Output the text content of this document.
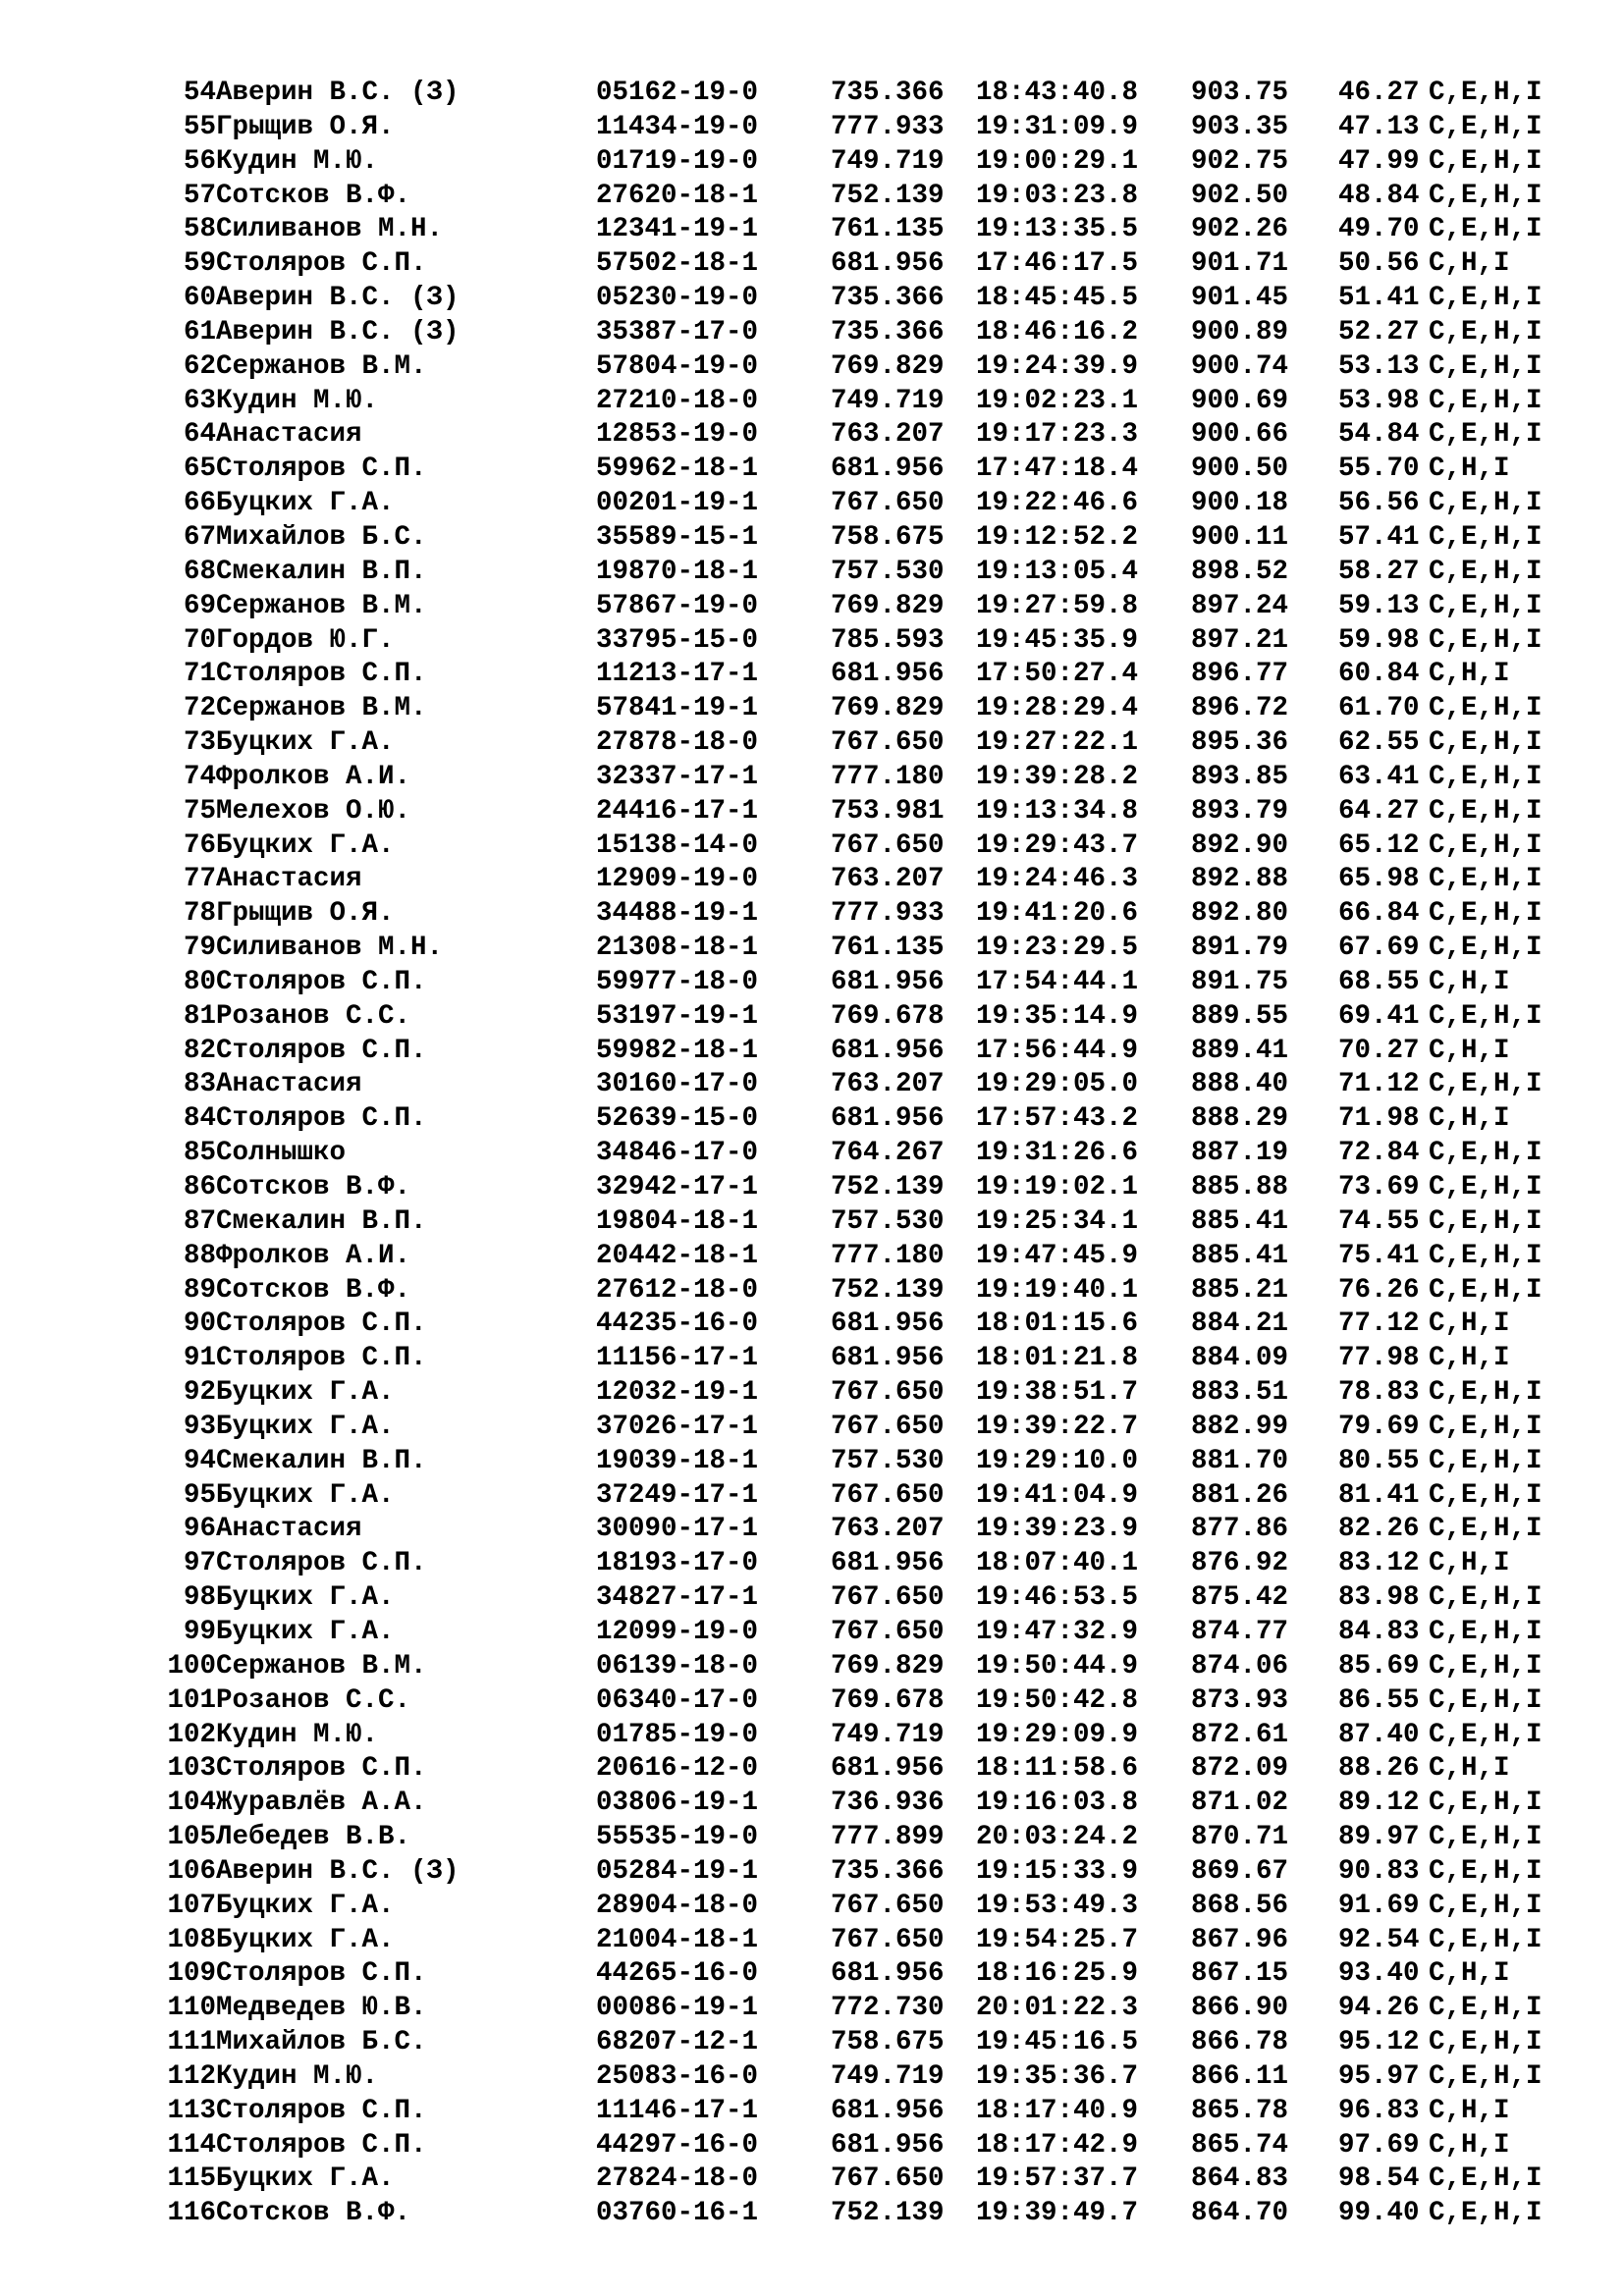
54 Аверин В.С. (З)	05162-19-0	735.366 18:43:40.8 903.75 46.27 C,E,H,I
55 Грыщив О.Я.	11434-19-0	777.933 19:31:09.9 903.35 47.13 C,E,H,I
56 Кудин М.Ю.	01719-19-0	749.719 19:00:29.1 902.75 47.99 C,E,H,I
57 Сотсков В.Ф.	27620-18-1	752.139 19:03:23.8 902.50 48.84 C,E,H,I
58 Силиванов М.Н.	12341-19-1	761.135 19:13:35.5 902.26 49.70 C,E,H,I
59 Столяров С.П.	57502-18-1	681.956 17:46:17.5 901.71 50.56 C,H,I
60 Аверин В.С. (З)	05230-19-0	735.366 18:45:45.5 901.45 51.41 C,E,H,I
61 Аверин В.С. (З)	35387-17-0	735.366 18:46:16.2 900.89 52.27 C,E,H,I
62 Сержанов В.М.	57804-19-0	769.829 19:24:39.9 900.74 53.13 C,E,H,I
63 Кудин М.Ю.	27210-18-0	749.719 19:02:23.1 900.69 53.98 C,E,H,I
64 Анастасия	12853-19-0	763.207 19:17:23.3 900.66 54.84 C,E,H,I
65 Столяров С.П.	59962-18-1	681.956 17:47:18.4 900.50 55.70 C,H,I
66 Буцких Г.А.	00201-19-1	767.650 19:22:46.6 900.18 56.56 C,E,H,I
67 Михайлов Б.С.	35589-15-1	758.675 19:12:52.2 900.11 57.41 C,E,H,I
68 Смекалин В.П.	19870-18-1	757.530 19:13:05.4 898.52 58.27 C,E,H,I
69 Сержанов В.М.	57867-19-0	769.829 19:27:59.8 897.24 59.13 C,E,H,I
70 Гордов Ю.Г.	33795-15-0	785.593 19:45:35.9 897.21 59.98 C,E,H,I
71 Столяров С.П.	11213-17-1	681.956 17:50:27.4 896.77 60.84 C,H,I
72 Сержанов В.М.	57841-19-1	769.829 19:28:29.4 896.72 61.70 C,E,H,I
73 Буцких Г.А.	27878-18-0	767.650 19:27:22.1 895.36 62.55 C,E,H,I
74 Фролков А.И.	32337-17-1	777.180 19:39:28.2 893.85 63.41 C,E,H,I
75 Мелехов О.Ю.	24416-17-1	753.981 19:13:34.8 893.79 64.27 C,E,H,I
76 Буцких Г.А.	15138-14-0	767.650 19:29:43.7 892.90 65.12 C,E,H,I
77 Анастасия	12909-19-0	763.207 19:24:46.3 892.88 65.98 C,E,H,I
78 Грыщив О.Я.	34488-19-1	777.933 19:41:20.6 892.80 66.84 C,E,H,I
79 Силиванов М.Н.	21308-18-1	761.135 19:23:29.5 891.79 67.69 C,E,H,I
80 Столяров С.П.	59977-18-0	681.956 17:54:44.1 891.75 68.55 C,H,I
81 Розанов С.С.	53197-19-1	769.678 19:35:14.9 889.55 69.41 C,E,H,I
82 Столяров С.П.	59982-18-1	681.956 17:56:44.9 889.41 70.27 C,H,I
83 Анастасия	30160-17-0	763.207 19:29:05.0 888.40 71.12 C,E,H,I
84 Столяров С.П.	52639-15-0	681.956 17:57:43.2 888.29 71.98 C,H,I
85 Солнышко	34846-17-0	764.267 19:31:26.6 887.19 72.84 C,E,H,I
86 Сотсков В.Ф.	32942-17-1	752.139 19:19:02.1 885.88 73.69 C,E,H,I
87 Смекалин В.П.	19804-18-1	757.530 19:25:34.1 885.41 74.55 C,E,H,I
88 Фролков А.И.	20442-18-1	777.180 19:47:45.9 885.41 75.41 C,E,H,I
89 Сотсков В.Ф.	27612-18-0	752.139 19:19:40.1 885.21 76.26 C,E,H,I
90 Столяров С.П.	44235-16-0	681.956 18:01:15.6 884.21 77.12 C,H,I
91 Столяров С.П.	11156-17-1	681.956 18:01:21.8 884.09 77.98 C,H,I
92 Буцких Г.А.	12032-19-1	767.650 19:38:51.7 883.51 78.83 C,E,H,I
93 Буцких Г.А.	37026-17-1	767.650 19:39:22.7 882.99 79.69 C,E,H,I
94 Смекалин В.П.	19039-18-1	757.530 19:29:10.0 881.70 80.55 C,E,H,I
95 Буцких Г.А.	37249-17-1	767.650 19:41:04.9 881.26 81.41 C,E,H,I
96 Анастасия	30090-17-1	763.207 19:39:23.9 877.86 82.26 C,E,H,I
97 Столяров С.П.	18193-17-0	681.956 18:07:40.1 876.92 83.12 C,H,I
98 Буцких Г.А.	34827-17-1	767.650 19:46:53.5 875.42 83.98 C,E,H,I
99 Буцких Г.А.	12099-19-0	767.650 19:47:32.9 874.77 84.83 C,E,H,I
100 Сержанов В.М.	06139-18-0	769.829 19:50:44.9 874.06 85.69 C,E,H,I
101 Розанов С.С.	06340-17-0	769.678 19:50:42.8 873.93 86.55 C,E,H,I
102 Кудин М.Ю.	01785-19-0	749.719 19:29:09.9 872.61 87.40 C,E,H,I
103 Столяров С.П.	20616-12-0	681.956 18:11:58.6 872.09 88.26 C,H,I
104 Журавлёв А.А.	03806-19-1	736.936 19:16:03.8 871.02 89.12 C,E,H,I
105 Лебедев В.В.	55535-19-0	777.899 20:03:24.2 870.71 89.97 C,E,H,I
106 Аверин В.С. (З)	05284-19-1	735.366 19:15:33.9 869.67 90.83 C,E,H,I
107 Буцких Г.А.	28904-18-0	767.650 19:53:49.3 868.56 91.69 C,E,H,I
108 Буцких Г.А.	21004-18-1	767.650 19:54:25.7 867.96 92.54 C,E,H,I
109 Столяров С.П.	44265-16-0	681.956 18:16:25.9 867.15 93.40 C,H,I
110 Медведев Ю.В.	00086-19-1	772.730 20:01:22.3 866.90 94.26 C,E,H,I
111 Михайлов Б.С.	68207-12-1	758.675 19:45:16.5 866.78 95.12 C,E,H,I
112 Кудин М.Ю.	25083-16-0	749.719 19:35:36.7 866.11 95.97 C,E,H,I
113 Столяров С.П.	11146-17-1	681.956 18:17:40.9 865.78 96.83 C,H,I
114 Столяров С.П.	44297-16-0	681.956 18:17:42.9 865.74 97.69 C,H,I
115 Буцких Г.А.	27824-18-0	767.650 19:57:37.7 864.83 98.54 C,E,H,I
116 Сотсков В.Ф.	03760-16-1	752.139 19:39:49.7 864.70 99.40 C,E,H,I
